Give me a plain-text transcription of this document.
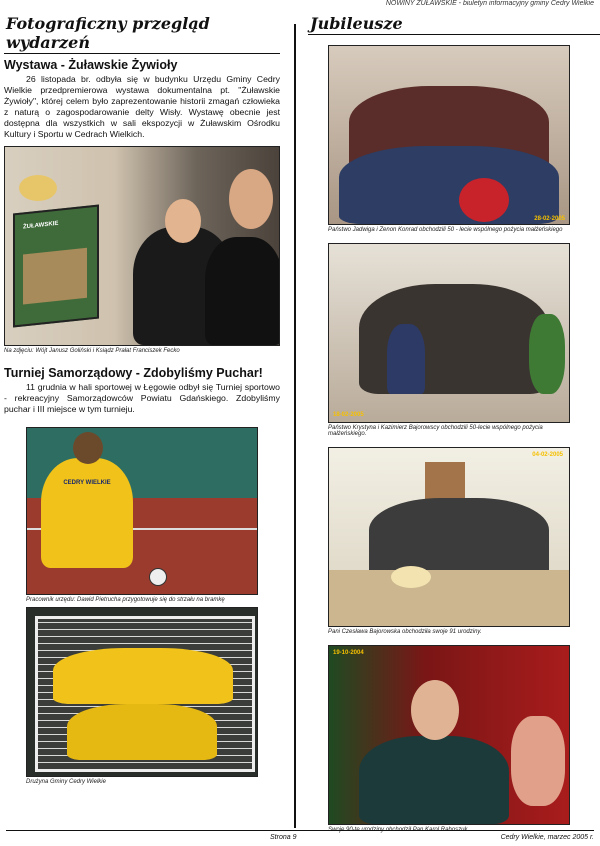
NOWINY ŻUŁAWSKIE - biuletyn informacyjny gminy Cedry Wielkie
Fotograficzny przegląd wydarzeń
Wystawa - Żuławskie Żywioły

26 listopada br. odbyła się w budynku Urzędu Gminy Cedry Wielkie przedpremierowa wystawa dokumentalna pt. "Żuławskie Żywioły", której celem było zaprezentowanie historii zmagań człowieka z naturą o zagospodarowanie delty Wisły. Wystawę obecnie jest dostępna dla wszystkich w sali ekspozycji w Żuławskim Ośrodku Kultury i Sportu w Cedrach Wielkich.

ŻUŁAWSKIE
Na zdjęciu: Wójt Janusz Goliński i Ksiądz Prałat Franciszek Fecko
Turniej Samorządowy - Zdobyliśmy Puchar!

11 grudnia w hali sportowej w Łęgowie odbył się Turniej sportowo - rekreacyjny Samorządowców Powiatu Gdańskiego. Zdobyliśmy puchar i III miejsce w tym turnieju.

CEDRY WIELKIE
Pracownik urzędu: Dawid Pietrucha przygotowuje się do strzału na bramkę
Drużyna Gminy Cedry Wielkie
Jubileusze
28-02-2005
Państwo Jadwiga i Zenon Konrad obchodzili 50 - lecie wspólnego pożycia małżeńskiego
18-02-2005
Państwo Krystyna i Kazimierz Bajorowscy obchodzili 50-lecie wspólnego pożycia małżeńskiego.
04-02-2005
Pani Czesława Bajorowska obchodziła swoje 91 urodziny.
19-10-2004
Strona 9	Cedry Wielkie, marzec 2005 r.
